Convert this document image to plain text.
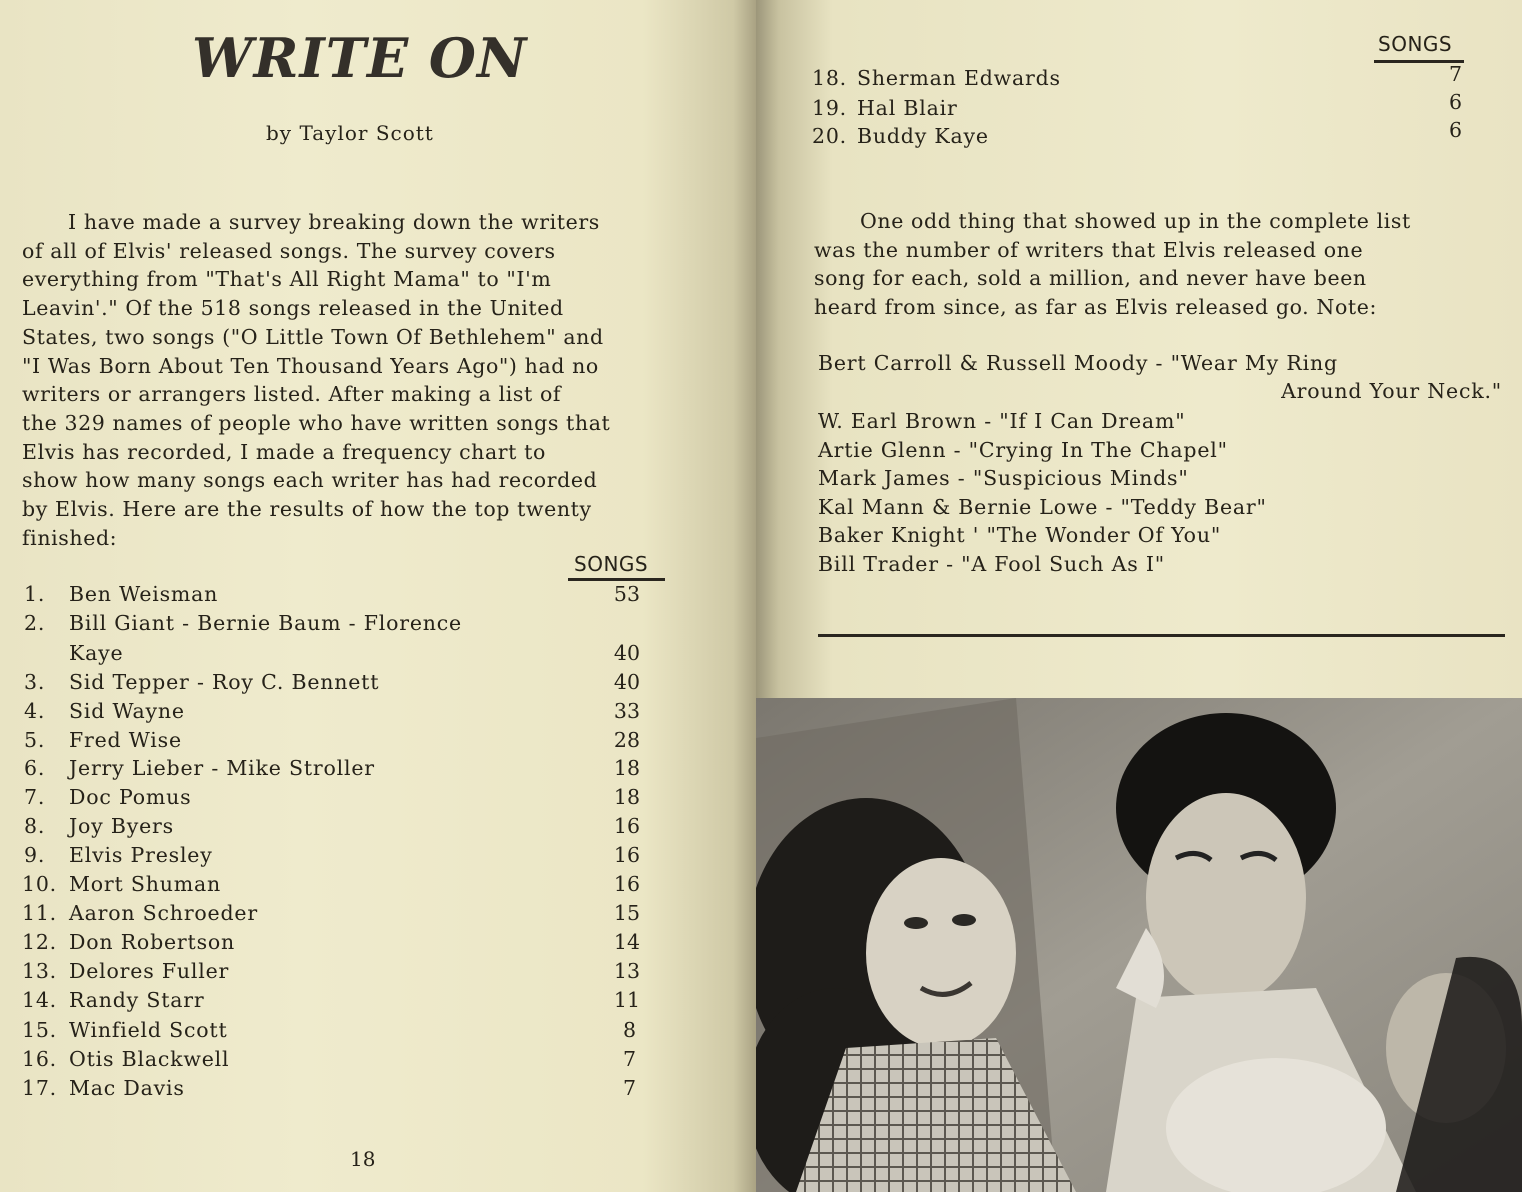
WRITE ON
by Taylor Scott
I have made a survey breaking down the writers
of all of Elvis' released songs. The survey covers
everything from "That's All Right Mama" to "I'm
Leavin'." Of the 518 songs released in the United
States, two songs ("O Little Town Of Bethlehem" and
"I Was Born About Ten Thousand Years Ago") had no
writers or arrangers listed. After making a list of
the 329 names of people who have written songs that
Elvis has recorded, I made a frequency chart to
show how many songs each writer has had recorded
by Elvis. Here are the results of how the top twenty
finished:
SONGS
1. Ben Weisman	53
2. Bill Giant - Bernie Baum - Florence
Kaye	40
3. Sid Tepper - Roy C. Bennett	40
4. Sid Wayne	33
5. Fred Wise	28
6. Jerry Lieber - Mike Stroller	18
7. Doc Pomus	18
8. Joy Byers	16
9. Elvis Presley	16
10. Mort Shuman	16
11. Aaron Schroeder	15
12. Don Robertson	14
13. Delores Fuller	13
14. Randy Starr	11
15. Winfield Scott	8
16. Otis Blackwell	7
17. Mac Davis	7
18
SONGS
18. Sherman Edwards	7
19. Hal Blair	6
20. Buddy Kaye	6
One odd thing that showed up in the complete list
was the number of writers that Elvis released one
song for each, sold a million, and never have been
heard from since, as far as Elvis released go. Note:
Bert Carroll & Russell Moody - "Wear My Ring
Around Your Neck."
W. Earl Brown - "If I Can Dream"
Artie Glenn - "Crying In The Chapel"
Mark James - "Suspicious Minds"
Kal Mann & Bernie Lowe - "Teddy Bear"
Baker Knight ' "The Wonder Of You"
Bill Trader - "A Fool Such As I"
